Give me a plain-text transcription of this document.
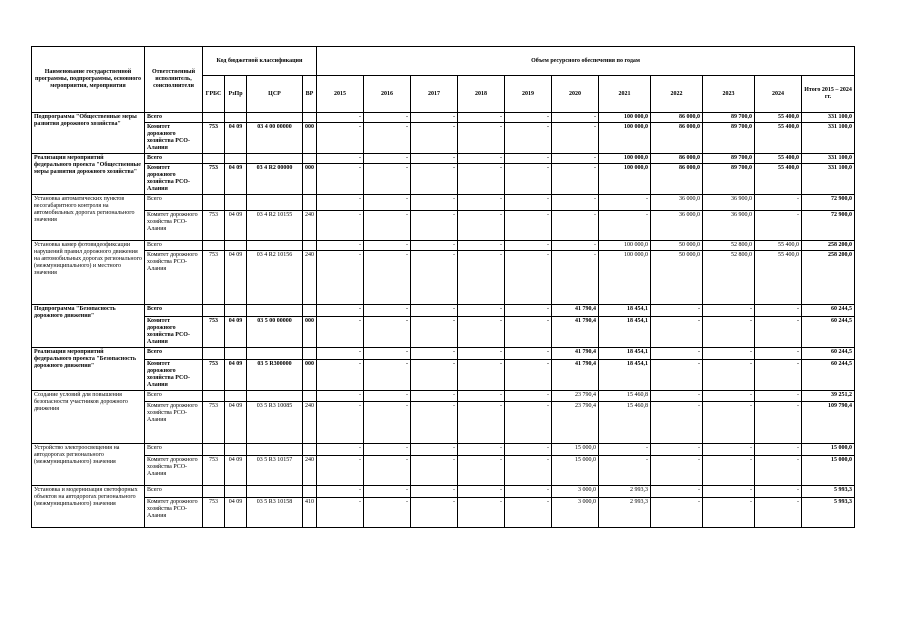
Наименование государственной программы, подпрограммы, основного мероприятия, мероприятия	Ответственный исполнитель, соисполнители	Код бюджетной классификации				Объем ресурсного обеспечения по годам										
		ГРБС	РзПр	ЦСР	ВР	2015	2016	2017	2018	2019	2020	2021	2022	2023	2024	Итого 2015 – 2024 гг.
Подпрограмма "Общественные меры развития дорожного хозяйства"	Всего					-	-	-	-	-	-	100 000,0	86 000,0	89 700,0	55 400,0	331 100,0
	Комитет дорожного хозяйства РСО-Алания	753	04 09	03 4 00 00000	000	-	-	-	-	-	-	100 000,0	86 000,0	89 700,0	55 400,0	331 100,0
Реализация мероприятий федерального проекта "Общественные меры развития дорожного хозяйства"	Всего					-	-	-	-	-	-	100 000,0	86 000,0	89 700,0	55 400,0	331 100,0
	Комитет дорожного хозяйства РСО-Алания	753	04 09	03 4 R2 00000	000	-	-	-	-	-	-	100 000,0	86 000,0	89 700,0	55 400,0	331 100,0
Установка автоматических пунктов весогабаритного контроля на автомобильных дорогах регионального значения	Всего					-	-	-	-	-	-	-	36 000,0	36 900,0	-	72 900,0
	Комитет дорожного хозяйства РСО-Алания	753	04 09	03 4 R2 10155	240	-	-	-	-	-	-	-	36 000,0	36 900,0	-	72 900,0
Установка камер фотовидеофиксации нарушений правил дорожного движения на автомобильных дорогах регионального (межмуниципального) и местного значения	Всего					-	-	-	-	-	-	100 000,0	50 000,0	52 800,0	55 400,0	258 200,0
	Комитет дорожного хозяйства РСО-Алания	753	04 09	03 4 R2 10156	240	-	-	-	-	-	-	100 000,0	50 000,0	52 800,0	55 400,0	258 200,0
Подпрограмма "Безопасность дорожного движения"	Всего					-	-	-	-	-	41 790,4	18 454,1	-	-	-	60 244,5
	Комитет дорожного хозяйства РСО-Алания	753	04 09	03 5 00 00000	000	-	-	-	-	-	41 790,4	18 454,1	-	-	-	60 244,5
Реализация мероприятий федерального проекта "Безопасность дорожного движения"	Всего					-	-	-	-	-	41 790,4	18 454,1	-	-	-	60 244,5
	Комитет дорожного хозяйства РСО-Алания	753	04 09	03 5 R300000	000	-	-	-	-	-	41 790,4	18 454,1	-	-	-	60 244,5
Создание условий для повышения безопасности участников дорожного движения	Всего					-	-	-	-	-	23 790,4	15 460,8	-	-	-	39 251,2
	Комитет дорожного хозяйства РСО-Алания	753	04 09	03 5 R3 10085	240	-	-	-	-	-	23 790,4	15 460,8	-	-	-	109 790,4
Устройство электроосвещения на автодорогах регионального (межмуниципального) значения	Всего					-	-	-	-	-	15 000,0	-	-	-	-	15 000,0
	Комитет дорожного хозяйства РСО-Алания	753	04 09	03 5 R3 10157	240	-	-	-	-	-	15 000,0	-	-	-	-	15 000,0
Установка и модернизация светофорных объектов на автодорогах регионального (межмуниципального) значения	Всего					-	-	-	-	-	3 000,0	2 993,3	-	-	-	5 993,3
	Комитет дорожного хозяйства РСО-Алания	753	04 09	03 5 R3 10158	410	-	-	-	-	-	3 000,0	2 993,3	-	-	-	5 993,3
